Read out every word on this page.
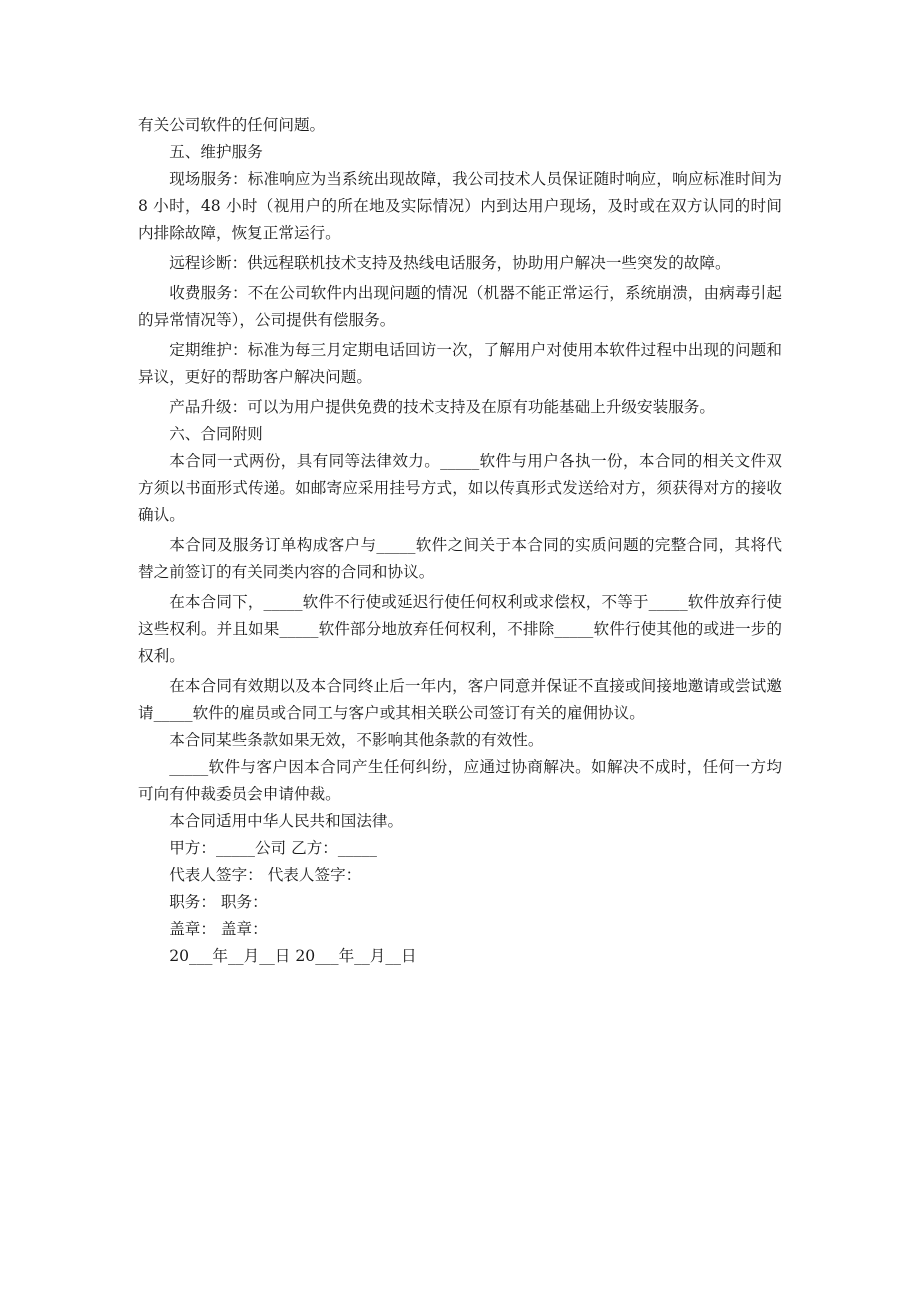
有关公司软件的任何问题。

五、维护服务

现场服务：标准响应为当系统出现故障，我公司技术人员保证随时响应，响应标准时间为 8 小时，48 小时（视用户的所在地及实际情况）内到达用户现场，及时或在双方认同的时间内排除故障，恢复正常运行。

远程诊断：供远程联机技术支持及热线电话服务，协助用户解决一些突发的故障。

收费服务：不在公司软件内出现问题的情况（机器不能正常运行，系统崩溃，由病毒引起的异常情况等），公司提供有偿服务。

定期维护：标准为每三月定期电话回访一次，了解用户对使用本软件过程中出现的问题和异议，更好的帮助客户解决问题。

产品升级：可以为用户提供免费的技术支持及在原有功能基础上升级安装服务。

六、合同附则

本合同一式两份，具有同等法律效力。_____软件与用户各执一份，本合同的相关文件双方须以书面形式传递。如邮寄应采用挂号方式，如以传真形式发送给对方，须获得对方的接收确认。

本合同及服务订单构成客户与_____软件之间关于本合同的实质问题的完整合同，其将代替之前签订的有关同类内容的合同和协议。

在本合同下，_____软件不行使或延迟行使任何权利或求偿权，不等于_____软件放弃行使这些权利。并且如果_____软件部分地放弃任何权利，不排除_____软件行使其他的或进一步的权利。

在本合同有效期以及本合同终止后一年内，客户同意并保证不直接或间接地邀请或尝试邀请_____软件的雇员或合同工与客户或其相关联公司签订有关的雇佣协议。

本合同某些条款如果无效，不影响其他条款的有效性。

_____软件与客户因本合同产生任何纠纷，应通过协商解决。如解决不成时，任何一方均可向有仲裁委员会申请仲裁。

本合同适用中华人民共和国法律。

甲方：_____公司 乙方：_____

代表人签字： 代表人签字：

职务： 职务：

盖章： 盖章：

20___年__月__日 20___年__月__日
